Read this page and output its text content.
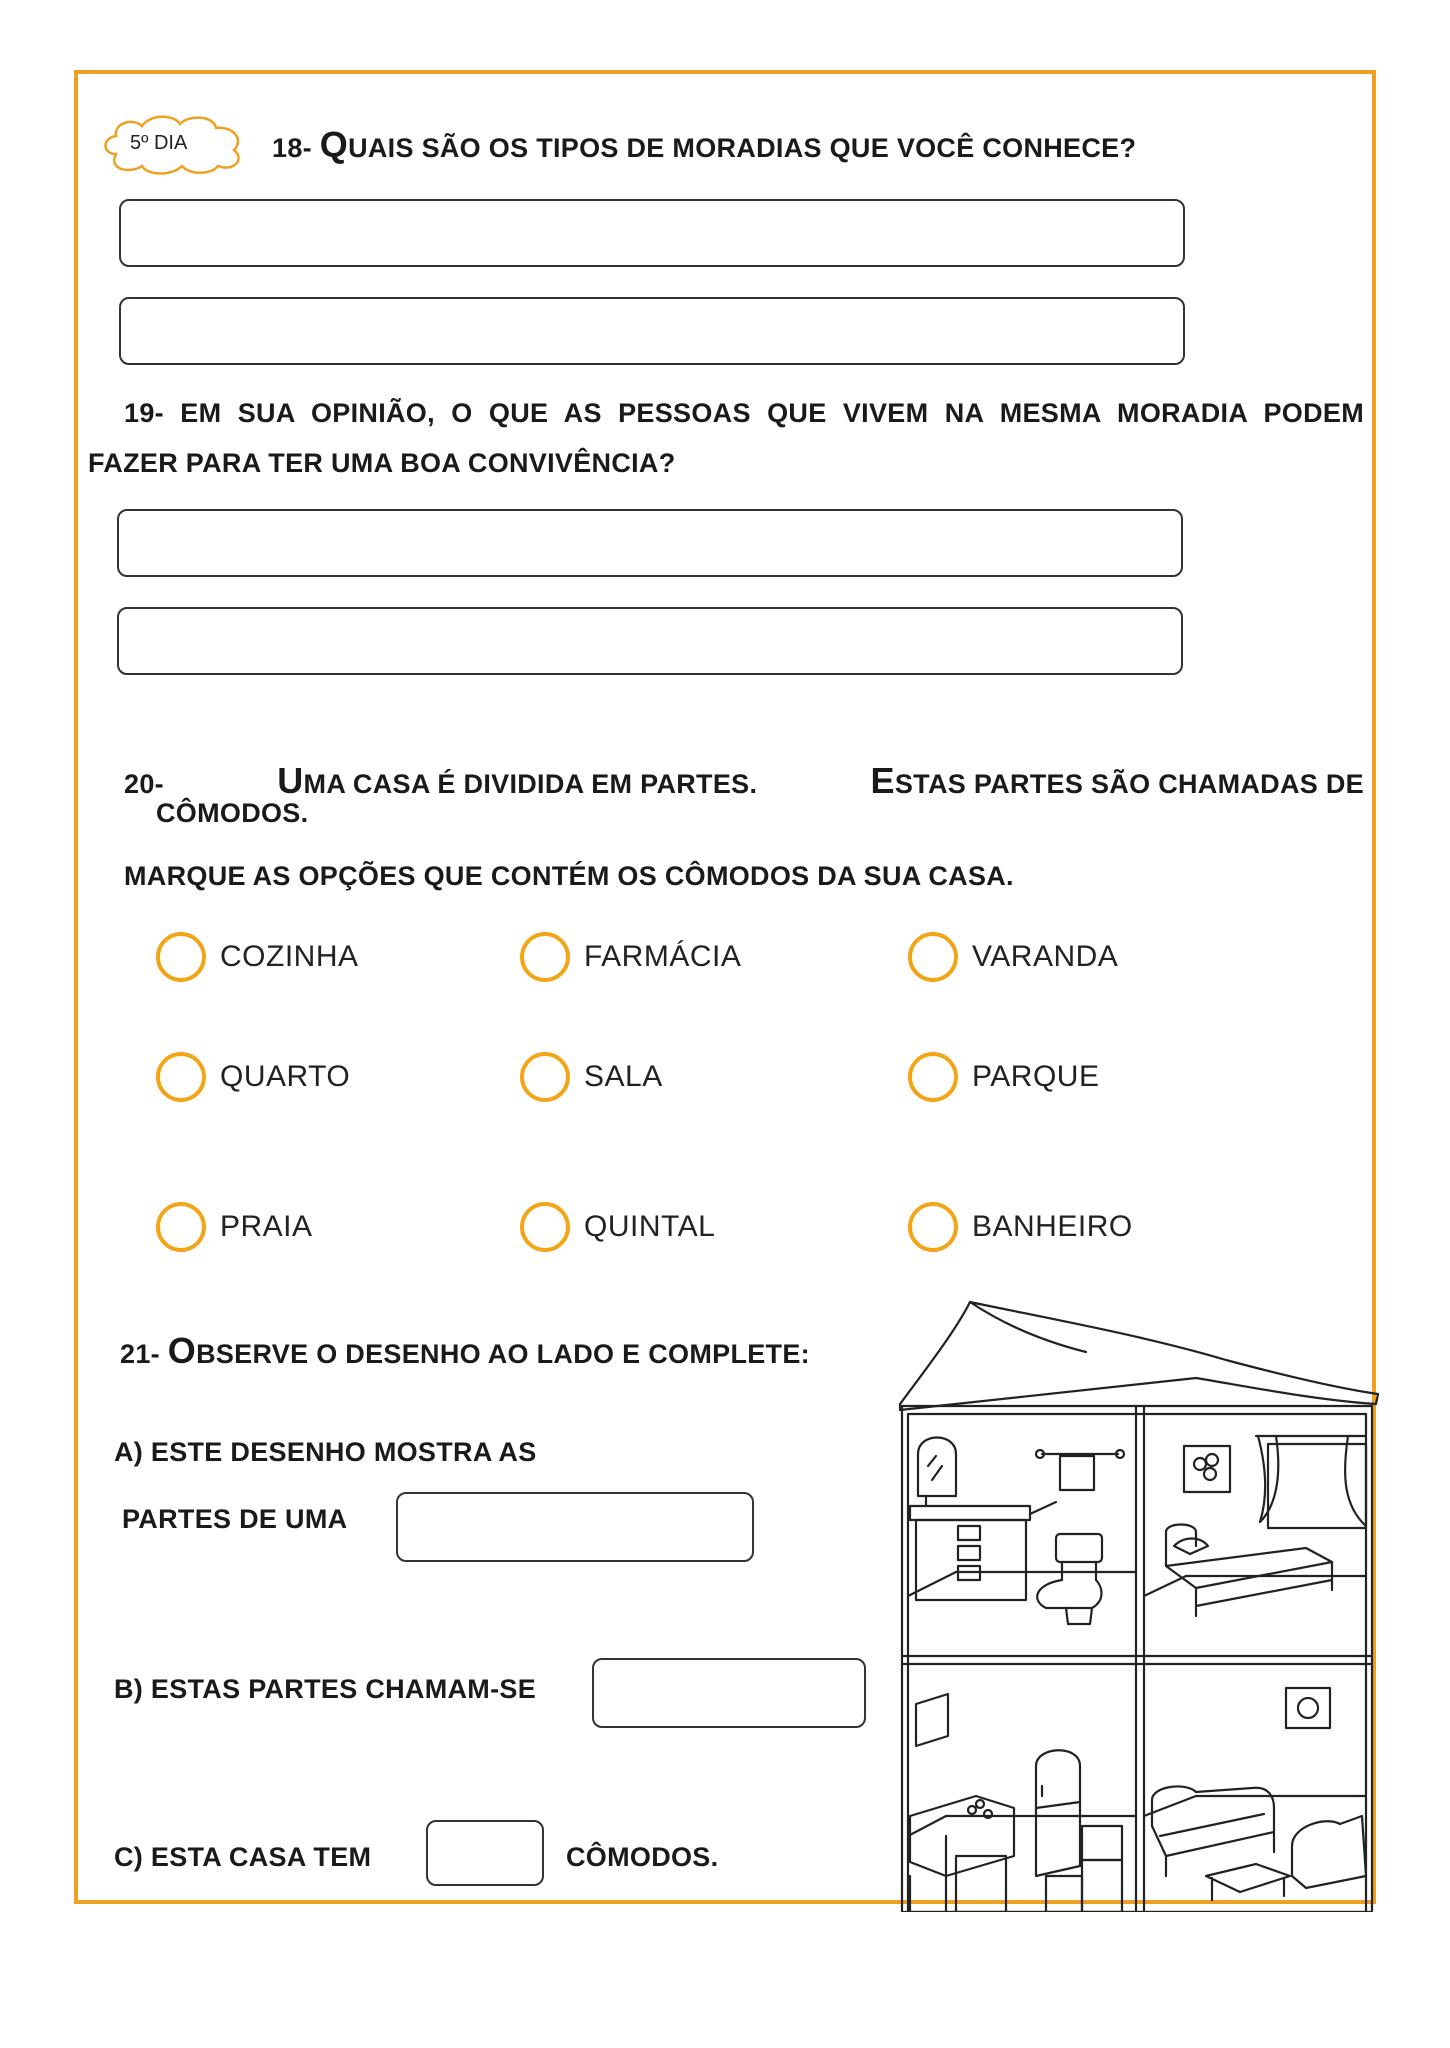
5º DIA	18- QUAIS SÃO OS TIPOS DE MORADIAS QUE VOCÊ CONHECE?
19- EM SUA OPINIÃO, O QUE AS PESSOAS QUE VIVEM NA MESMA MORADIA PODEM
FAZER PARA TER UMA BOA CONVIVÊNCIA?
20-	UMA CASA É DIVIDIDA EM PARTES.	ESTAS PARTES SÃO CHAMADAS DE
CÔMODOS.
MARQUE AS OPÇÕES QUE CONTÉM OS CÔMODOS DA SUA CASA.
COZINHA	FARMÁCIA	VARANDA
QUARTO	SALA	PARQUE
PRAIA	QUINTAL	BANHEIRO
21- OBSERVE O DESENHO AO LADO E COMPLETE:
A) ESTE DESENHO MOSTRA AS
PARTES DE UMA
B) ESTAS PARTES CHAMAM-SE
C) ESTA CASA TEM	CÔMODOS.
